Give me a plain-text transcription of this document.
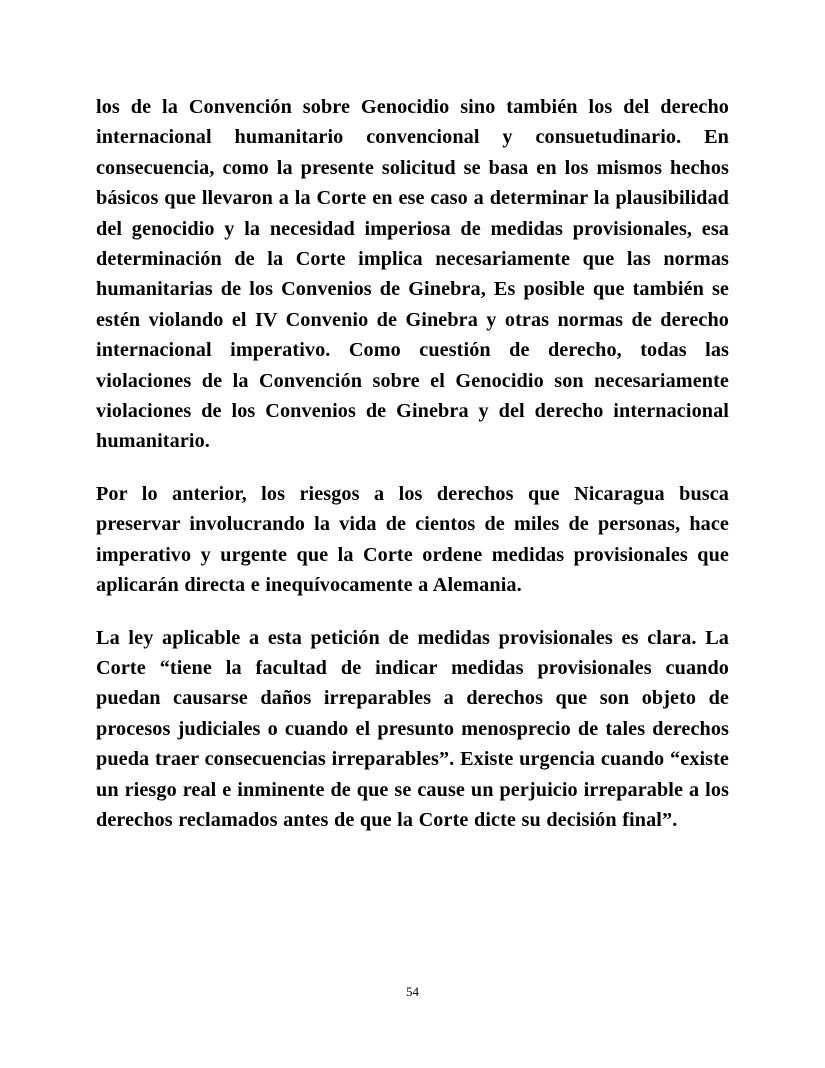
los de la Convención sobre Genocidio sino también los del derecho internacional humanitario convencional y consuetudinario. En consecuencia, como la presente solicitud se basa en los mismos hechos básicos que llevaron a la Corte en ese caso a determinar la plausibilidad del genocidio y la necesidad imperiosa de medidas provisionales, esa determinación de la Corte implica necesariamente que las normas humanitarias de los Convenios de Ginebra, Es posible que también se estén violando el IV Convenio de Ginebra y otras normas de derecho internacional imperativo. Como cuestión de derecho, todas las violaciones de la Convención sobre el Genocidio son necesariamente violaciones de los Convenios de Ginebra y del derecho internacional humanitario.

Por lo anterior, los riesgos a los derechos que Nicaragua busca preservar involucrando la vida de cientos de miles de personas, hace imperativo y urgente que la Corte ordene medidas provisionales que aplicarán directa e inequívocamente a Alemania.

La ley aplicable a esta petición de medidas provisionales es clara. La Corte “tiene la facultad de indicar medidas provisionales cuando puedan causarse daños irreparables a derechos que son objeto de procesos judiciales o cuando el presunto menosprecio de tales derechos pueda traer consecuencias irreparables”. Existe urgencia cuando “existe un riesgo real e inminente de que se cause un perjuicio irreparable a los derechos reclamados antes de que la Corte dicte su decisión final”.

54
